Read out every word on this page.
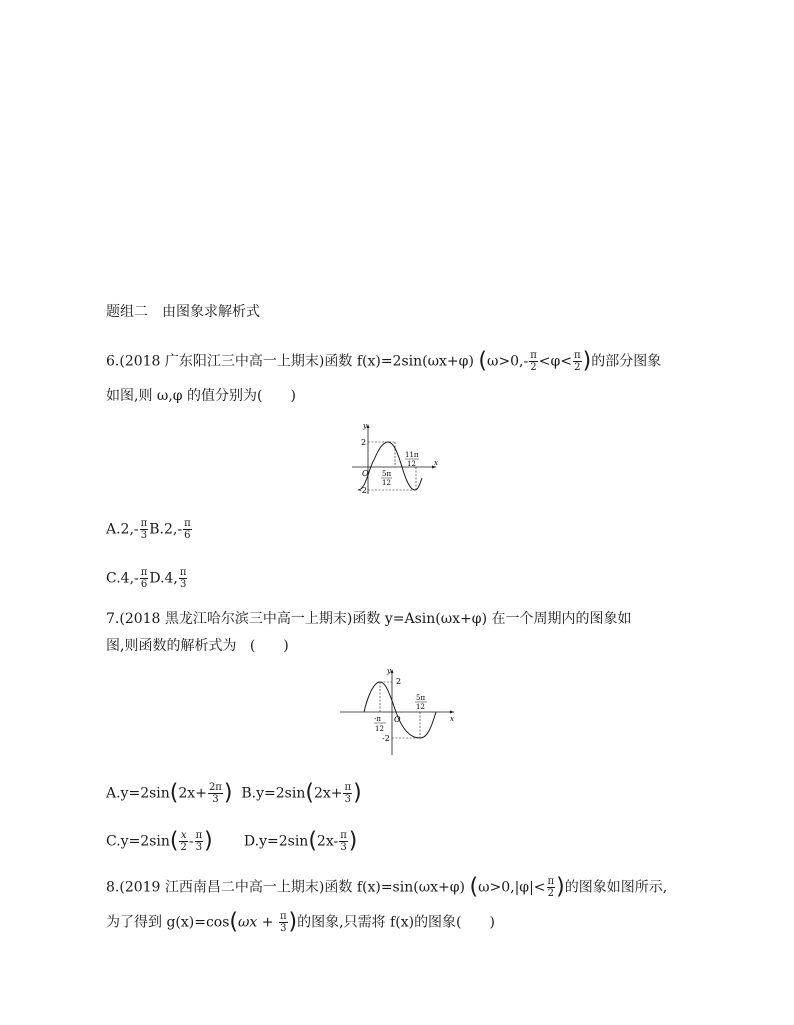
题组二　由图象求解析式
6.(2018 广东阳江三中高一上期末)函数 f(x)=2sin(ωx+φ) ($\omega>0,- \frac{\pi}{2} <\varphi< \frac{\pi}{2}$ )的部分图象
如图,则 ω,φ 的值分别为( )
y
x
O
2
-2
5π
12
11π
12
$A.2,- \frac{\pi}{3} B.2,- \frac{\pi}{6}$
$C.4,- \frac{\pi}{6} D.4$, $\frac{\pi}{3}$
7.(2018 黑龙江哈尔滨三中高一上期末)函数 y=Asin(ωx+φ) 在一个周期内的图象如
图,则函数的解析式为 ( )
y
x
O
2
-2
-π
12
5π
12
$A.y=2\sin(2x+ \frac{2\pi}{3}$ ) $B.y=2\sin(2x+ \frac{\pi}{3}$ )
$C.y=2\sin( \frac{x}{2} - \frac{\pi}{3}$ ) $D.y=2\sin(2x- \frac{\pi}{3}$ )
8.(2019 江西南昌二中高一上期末)函数 f(x)=sin(ωx+φ) ($\omega>0,|\varphi|< \frac{\pi}{2}$ )的图象如图所示,
为了得到 $g(x)=\cos(\omega x + \frac{\pi}{3}$ )的图象,只需将 f(x)的图象( )
